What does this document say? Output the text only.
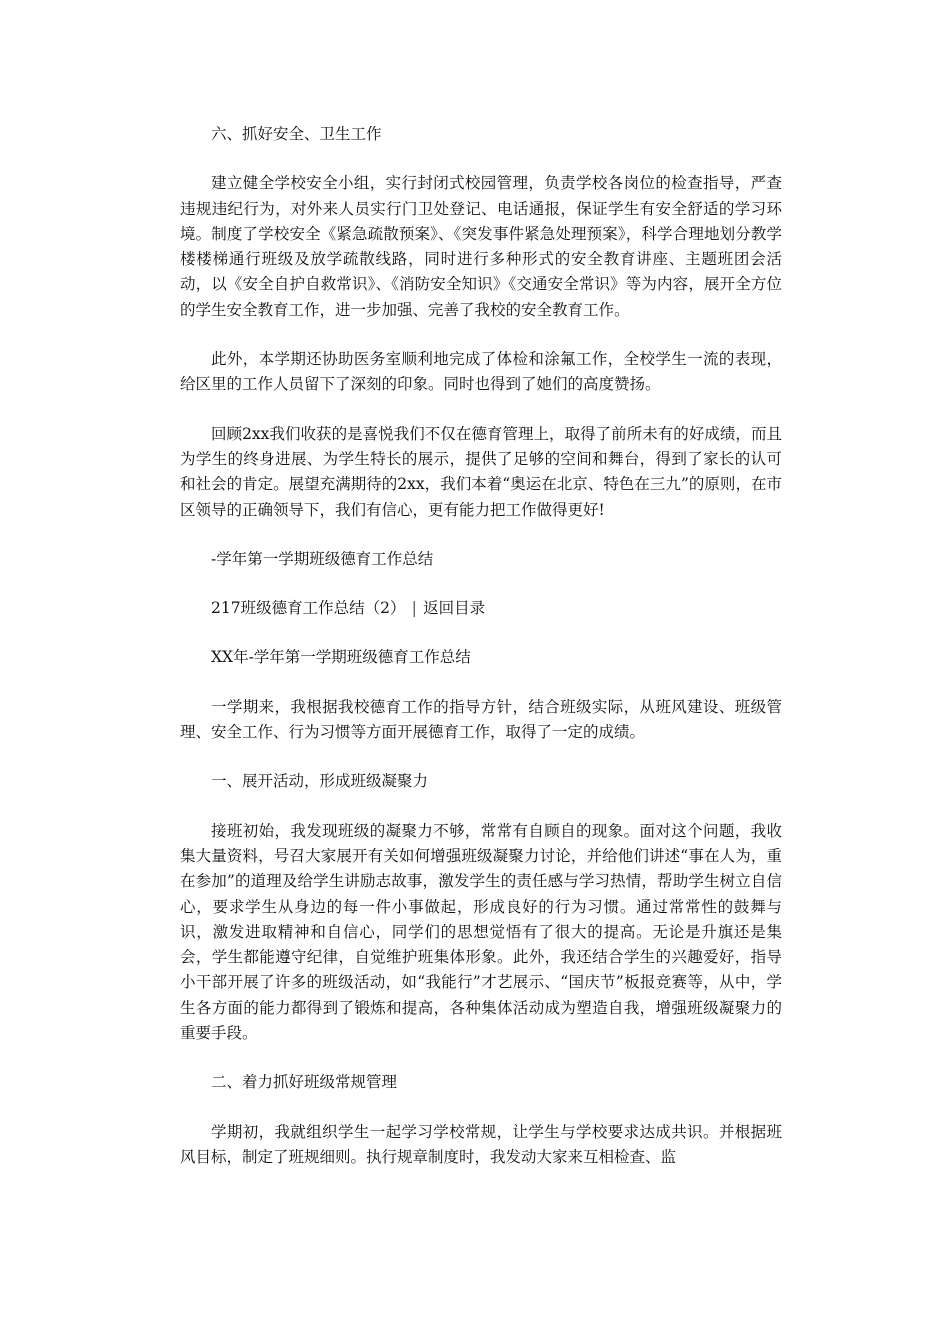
六、抓好安全、卫生工作

建立健全学校安全小组，实行封闭式校园管理，负责学校各岗位的检查指导，严查违规违纪行为，对外来人员实行门卫处登记、电话通报，保证学生有安全舒适的学习环境。制度了学校安全《紧急疏散预案》、《突发事件紧急处理预案》，科学合理地划分教学楼楼梯通行班级及放学疏散线路，同时进行多种形式的安全教育讲座、主题班团会活动，以《安全自护自救常识》、《消防安全知识》《交通安全常识》等为内容，展开全方位的学生安全教育工作，进一步加强、完善了我校的安全教育工作。

此外，本学期还协助医务室顺利地完成了体检和涂氟工作，全校学生一流的表现，给区里的工作人员留下了深刻的印象。同时也得到了她们的高度赞扬。

回顾2xx我们收获的是喜悦我们不仅在德育管理上，取得了前所未有的好成绩，而且为学生的终身进展、为学生特长的展示，提供了足够的空间和舞台，得到了家长的认可和社会的肯定。展望充满期待的2xx，我们本着“奥运在北京、特色在三九”的原则，在市区领导的正确领导下，我们有信心，更有能力把工作做得更好!

-学年第一学期班级德育工作总结
217班级德育工作总结（2） | 返回目录
XX年-学年第一学期班级德育工作总结

一学期来，我根据我校德育工作的指导方针，结合班级实际，从班风建设、班级管理、安全工作、行为习惯等方面开展德育工作，取得了一定的成绩。

一、展开活动，形成班级凝聚力

接班初始，我发现班级的凝聚力不够，常常有自顾自的现象。面对这个问题，我收集大量资料，号召大家展开有关如何增强班级凝聚力讨论，并给他们讲述“事在人为，重在参加”的道理及给学生讲励志故事，激发学生的责任感与学习热情，帮助学生树立自信心，要求学生从身边的每一件小事做起，形成良好的行为习惯。通过常常性的鼓舞与识，激发进取精神和自信心，同学们的思想觉悟有了很大的提高。无论是升旗还是集会，学生都能遵守纪律，自觉维护班集体形象。此外，我还结合学生的兴趣爱好，指导小干部开展了许多的班级活动，如“我能行”才艺展示、“国庆节”板报竞赛等，从中，学生各方面的能力都得到了锻炼和提高，各种集体活动成为塑造自我，增强班级凝聚力的重要手段。

二、着力抓好班级常规管理

学期初，我就组织学生一起学习学校常规，让学生与学校要求达成共识。并根据班风目标，制定了班规细则。执行规章制度时，我发动大家来互相检查、监
